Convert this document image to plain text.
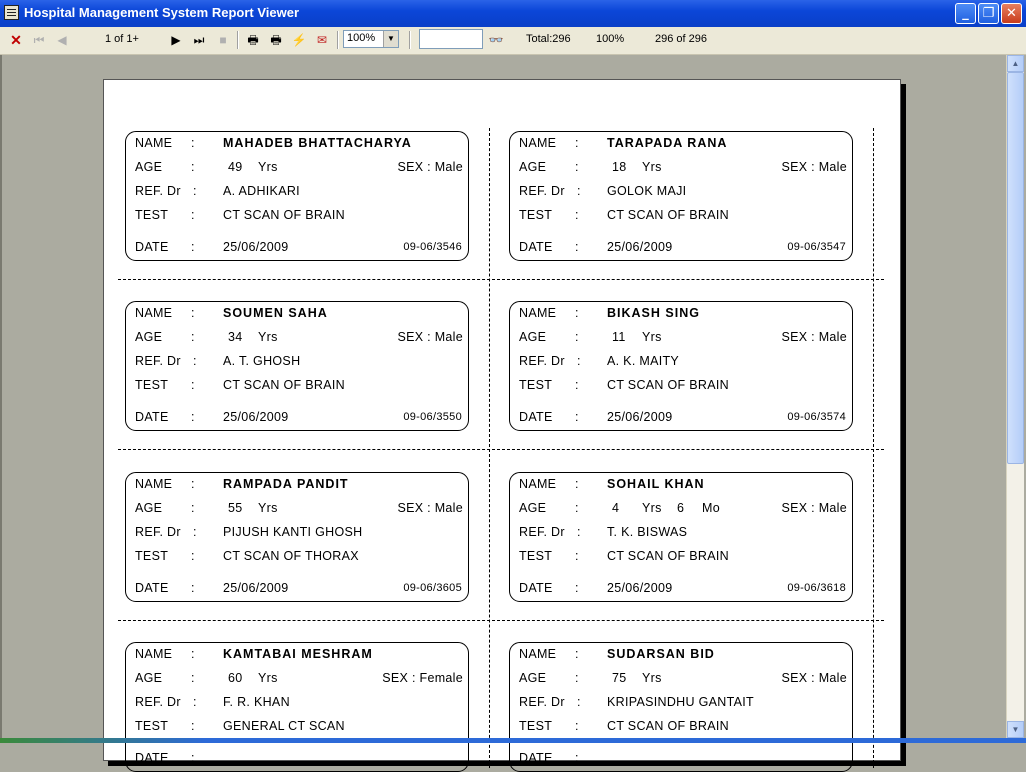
Hospital Management System Report Viewer	_	❐ ✕
✕ ⏮ ◀	1 of 1+	▶ ⏭ ■ 🖶 🖶 ⚡ ✉ 100%	▼	👓 Total:296 100%	296 of 296
NAME :
AGE :
REF. Dr
TEST :
DATE :
MAHADEB BHATTACHARYA
49 Yrs	SEX : Male
A. ADHIKARI
CT SCAN OF BRAIN
25/06/2009	09-06/3546
:
NAME :
AGE :
REF. Dr
TEST :
DATE :
TARAPADA RANA
18 Yrs	SEX : Male
GOLOK MAJI
CT SCAN OF BRAIN
25/06/2009	09-06/3547
:
NAME :
AGE :
REF. Dr
TEST :
DATE :
SOUMEN SAHA
34 Yrs	SEX : Male
A. T. GHOSH
CT SCAN OF BRAIN
25/06/2009	09-06/3550
:
NAME :
AGE :
REF. Dr
TEST :
DATE :
BIKASH SING
11 Yrs	SEX : Male
A. K. MAITY
CT SCAN OF BRAIN
25/06/2009	09-06/3574
:
NAME :
AGE :
REF. Dr
TEST :
DATE :
RAMPADA PANDIT
55 Yrs	SEX : Male
PIJUSH KANTI GHOSH
CT SCAN OF THORAX
25/06/2009	09-06/3605
:
NAME :
AGE :
REF. Dr
TEST :
DATE :
SOHAIL KHAN
4 Yrs 6 Mo	SEX : Male
T. K. BISWAS
CT SCAN OF BRAIN
25/06/2009	09-06/3618
:
NAME :
AGE :
REF. Dr
TEST :
DATE :
KAMTABAI MESHRAM
60 Yrs	SEX : Female
F. R. KHAN
GENERAL CT SCAN
:
NAME :
AGE :
REF. Dr
TEST :
DATE :
SUDARSAN BID
75 Yrs	SEX : Male
KRIPASINDHU GANTAIT
CT SCAN OF BRAIN
:
▲
▼
